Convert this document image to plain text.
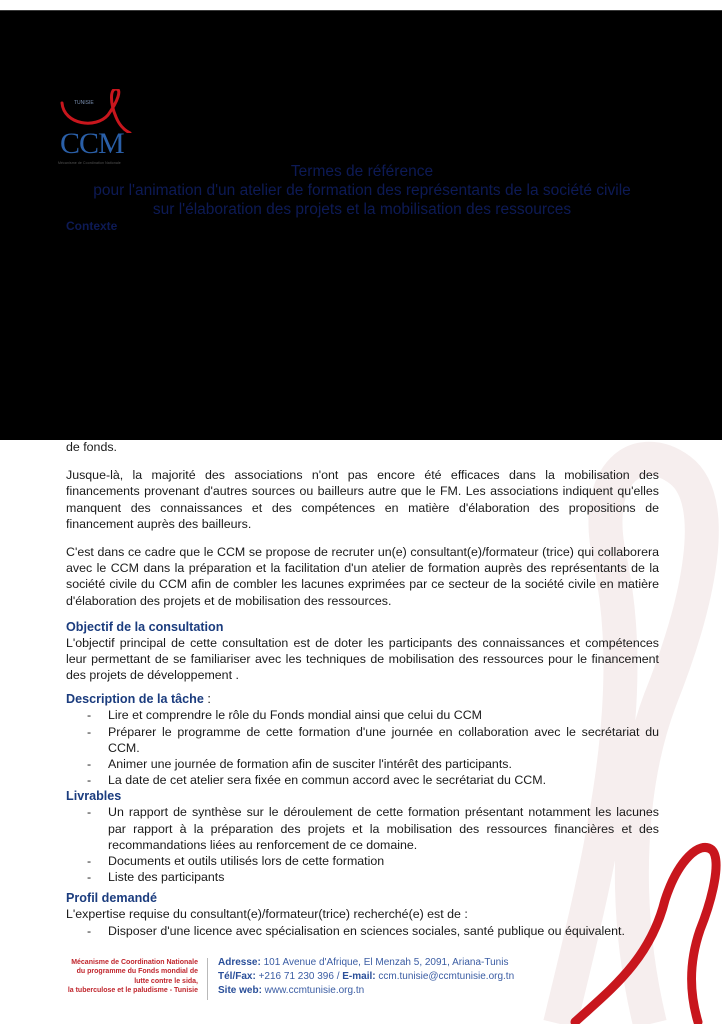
TUNISIE
CCM
Mécanisme de Coordination Nationale	Termes de référence
pour l'animation d'un atelier de formation des représentants de la société civile
sur l'élaboration des projets et la mobilisation des ressources
Contexte

de fonds.

Jusque-là, la majorité des associations n'ont pas encore été efficaces dans la mobilisation des financements provenant d'autres sources ou bailleurs autre que le FM. Les associations indiquent qu'elles manquent des connaissances et des compétences en matière d'élaboration des propositions de financement auprès des bailleurs.

C'est dans ce cadre que le CCM se propose de recruter un(e) consultant(e)/formateur (trice) qui collaborera avec le CCM dans la préparation et la facilitation d'un atelier de formation auprès des représentants de la société civile du CCM afin de combler les lacunes exprimées par ce secteur de la société civile en matière d'élaboration des projets et de mobilisation des ressources.

Objectif de la consultation

L'objectif principal de cette consultation est de doter les participants des connaissances et compétences leur permettant de se familiariser avec les techniques de mobilisation des ressources pour le financement des projets de développement .

Description de la tâche :
- Lire et comprendre le rôle du Fonds mondial ainsi que celui du CCM
- Préparer le programme de cette formation d'une journée en collaboration avec le secrétariat du CCM.
- Animer une journée de formation afin de susciter l'intérêt des participants.
- La date de cet atelier sera fixée en commun accord avec le secrétariat du CCM.
Livrables
- Un rapport de synthèse sur le déroulement de cette formation présentant notamment les lacunes par rapport à la préparation des projets et la mobilisation des ressources financières et des recommandations liées au renforcement de ce domaine.
- Documents et outils utilisés lors de cette formation
- Liste des participants
Profil demandé

L'expertise requise du consultant(e)/formateur(trice) recherché(e) est de :

- Disposer d'une licence avec spécialisation en sciences sociales, santé publique ou équivalent.
Mécanisme de Coordination Nationale
du programme du Fonds mondial de
lutte contre le sida,
la tuberculose et le paludisme - Tunisie
Adresse: 101 Avenue d'Afrique, El Menzah 5, 2091, Ariana-Tunis
Tél/Fax: +216 71 230 396 / E-mail: ccm.tunisie@ccmtunisie.org.tn
Site web: www.ccmtunisie.org.tn
